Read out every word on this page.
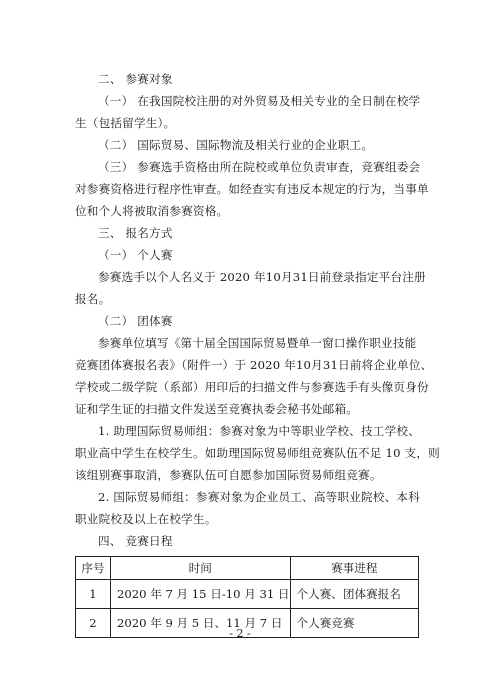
二、 参赛对象
（一） 在我国院校注册的对外贸易及相关专业的全日制在校学
生（包括留学生）。
（二） 国际贸易、国际物流及相关行业的企业职工。
（三） 参赛选手资格由所在院校或单位负责审查，竞赛组委会
对参赛资格进行程序性审查。如经查实有违反本规定的行为，当事单
位和个人将被取消参赛资格。
三、 报名方式
（一） 个人赛
参赛选手以个人名义于 2020 年10月31日前登录指定平台注册
报名。
（二） 团体赛
参赛单位填写《第十届全国国际贸易暨单一窗口操作职业技能
竞赛团体赛报名表》（附件一）于 2020 年10月31日前将企业单位、
学校或二级学院（系部）用印后的扫描文件与参赛选手有头像页身份
证和学生证的扫描文件发送至竞赛执委会秘书处邮箱。
1. 助理国际贸易师组：参赛对象为中等职业学校、技工学校、
职业高中学生在校学生。如助理国际贸易师组竞赛队伍不足 10 支，则
该组别赛事取消，参赛队伍可自愿参加国际贸易师组竞赛。
2. 国际贸易师组：参赛对象为企业员工、高等职业院校、本科
职业院校及以上在校学生。
四、 竞赛日程
- 2 -
序号	时间	赛事进程
1	2020 年 7 月 15 日-10 月 31 日	个人赛、团体赛报名
2	2020 年 9 月 5 日、11 月 7 日	个人赛竞赛
